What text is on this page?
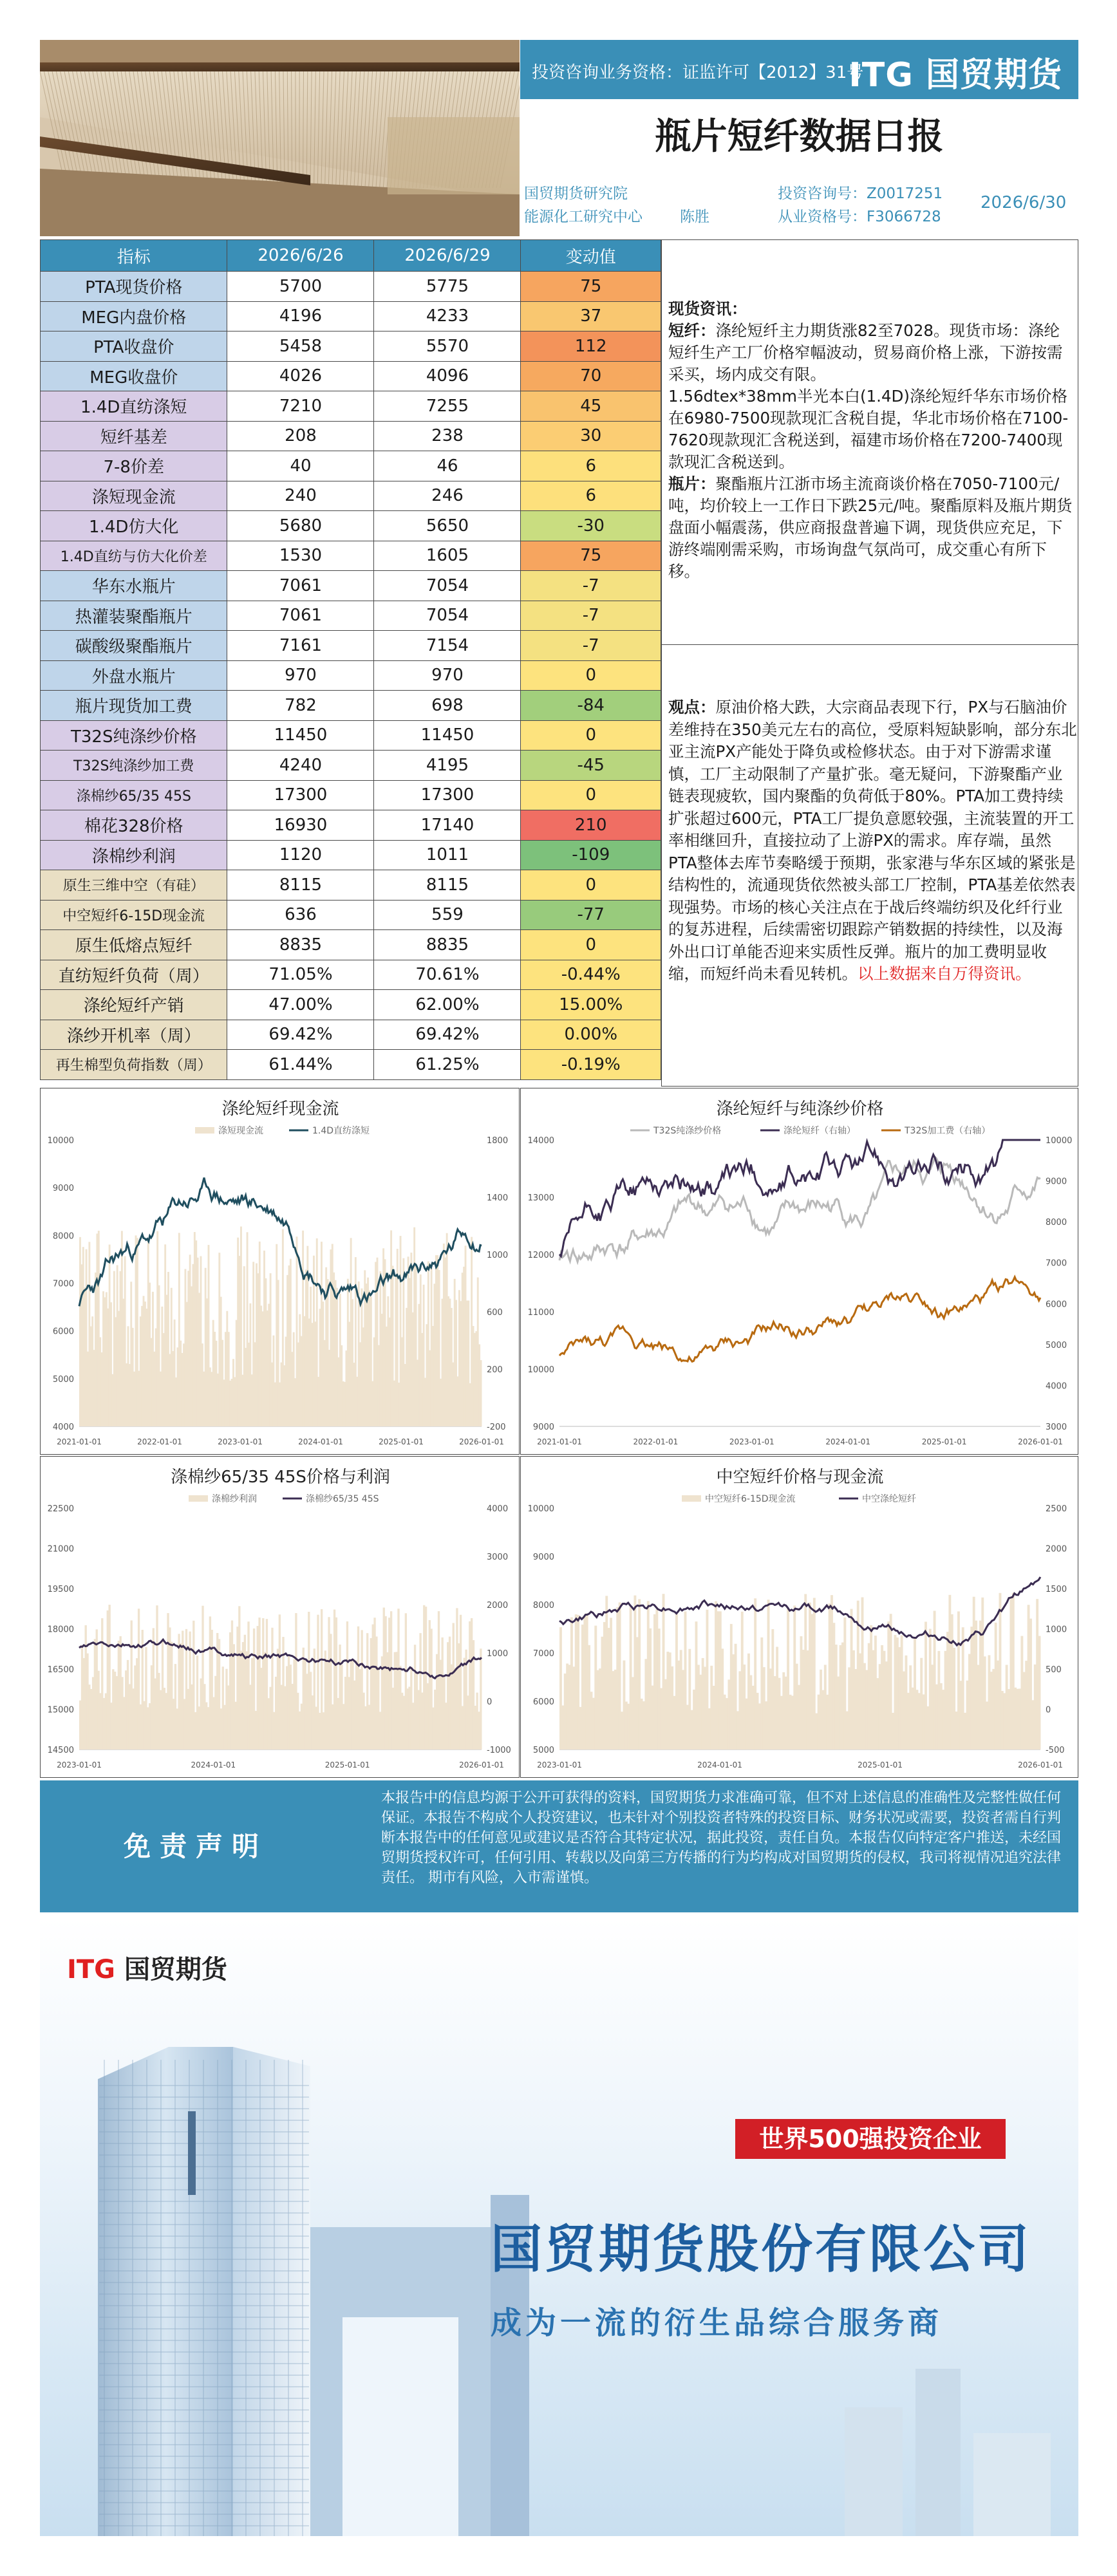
投资咨询业务资格：证监许可【2012】31号
ITG 国贸期货
瓶片短纤数据日报
国贸期货研究院
能源化工研究中心	陈胜
投资咨询号：Z0017251
从业资格号：F3066728
2026/6/30
指标	2026/6/26	2026/6/29	变动值
PTA现货价格	5700	5775	75
MEG内盘价格	4196	4233	37
PTA收盘价	5458	5570	112
MEG收盘价	4026	4096	70
1.4D直纺涤短	7210	7255	45
短纤基差	208	238	30
7-8价差	40	46	6
涤短现金流	240	246	6
1.4D仿大化	5680	5650	-30
1.4D直纺与仿大化价差	1530	1605	75
华东水瓶片	7061	7054	-7
热灌装聚酯瓶片	7061	7054	-7
碳酸级聚酯瓶片	7161	7154	-7
外盘水瓶片	970	970	0
瓶片现货加工费	782	698	-84
T32S纯涤纱价格	11450	11450	0
T32S纯涤纱加工费	4240	4195	-45
涤棉纱65/35 45S	17300	17300	0
棉花328价格	16930	17140	210
涤棉纱利润	1120	1011	-109
原生三维中空（有硅）	8115	8115	0
中空短纤6-15D现金流	636	559	-77
原生低熔点短纤	8835	8835	0
直纺短纤负荷（周）	71.05%	70.61%	-0.44%
涤纶短纤产销	47.00%	62.00%	15.00%
涤纱开机率（周）	69.42%	69.42%	0.00%
再生棉型负荷指数（周）	61.44%	61.25%	-0.19%
现货资讯：
短纤：涤纶短纤主力期货涨82至7028。现货市场：涤纶短纤生产工厂价格窄幅波动，贸易商价格上涨，下游按需采买，场内成交有限。
1.56dtex*38mm半光本白(1.4D)涤纶短纤华东市场价格在6980-7500现款现汇含税自提，华北市场价格在7100-7620现款现汇含税送到，福建市场价格在7200-7400现款现汇含税送到。
瓶片：聚酯瓶片江浙市场主流商谈价格在7050-7100元/吨，均价较上一工作日下跌25元/吨。聚酯原料及瓶片期货盘面小幅震荡，供应商报盘普遍下调，现货供应充足，下游终端刚需采购，市场询盘气氛尚可，成交重心有所下移。
观点：原油价格大跌，大宗商品表现下行，PX与石脑油价差维持在350美元左右的高位，受原料短缺影响，部分东北亚主流PX产能处于降负或检修状态。由于对下游需求谨慎，工厂主动限制了产量扩张。毫无疑问，下游聚酯产业链表现疲软，国内聚酯的负荷低于80%。PTA加工费持续扩张超过600元，PTA工厂提负意愿较强，主流装置的开工率相继回升，直接拉动了上游PX的需求。库存端，虽然PTA整体去库节奏略缓于预期，张家港与华东区域的紧张是结构性的，流通现货依然被头部工厂控制，PTA基差依然表现强势。市场的核心关注点在于战后终端纺织及化纤行业的复苏进程，后续需密切跟踪产销数据的持续性，以及海外出口订单能否迎来实质性反弹。瓶片的加工费明显收缩，而短纤尚未看见转机。以上数据来自万得资讯。
涤纶短纤现金流
涤短现金流	1.4D直纺涤短
10000
9000
8000
7000
6000
5000
4000
1800
1400
1000
600
200
-200
2021-01-01	2022-01-01	2023-01-01	2024-01-01	2025-01-01	2026-01-01
涤纶短纤与纯涤纱价格
T32S纯涤纱价格	涤纶短纤（右轴）	T32S加工费（右轴）
14000
13000
12000
11000
10000
9000
10000
9000
8000
7000
6000
5000
4000
3000
2021-01-01	2022-01-01	2023-01-01	2024-01-01	2025-01-01	2026-01-01
涤棉纱65/35 45S价格与利润
涤棉纱利润	涤棉纱65/35 45S
22500
21000
19500
18000
16500
15000
14500
4000
3000
2000
1000
0
-1000
2023-01-01	2024-01-01	2025-01-01	2026-01-01
中空短纤价格与现金流
中空短纤6-15D现金流	中空涤纶短纤
10000
9000
8000
7000
6000
5000
2500
2000
1500
1000
500
0
-500
2023-01-01	2024-01-01	2025-01-01	2026-01-01
免责声明
本报告中的信息均源于公开可获得的资料，国贸期货力求准确可靠，但不对上述信息的准确性及完整性做任何保证。本报告不构成个人投资建议，也未针对个别投资者特殊的投资目标、财务状况或需要，投资者需自行判断本报告中的任何意见或建议是否符合其特定状况，据此投资，责任自负。本报告仅向特定客户推送，未经国贸期货授权许可，任何引用、转载以及向第三方传播的行为均构成对国贸期货的侵权，我司将视情况追究法律责任。 期市有风险，入市需谨慎。
ITG 国贸期货
世界500强投资企业
国贸期货股份有限公司
成为一流的衍生品综合服务商
